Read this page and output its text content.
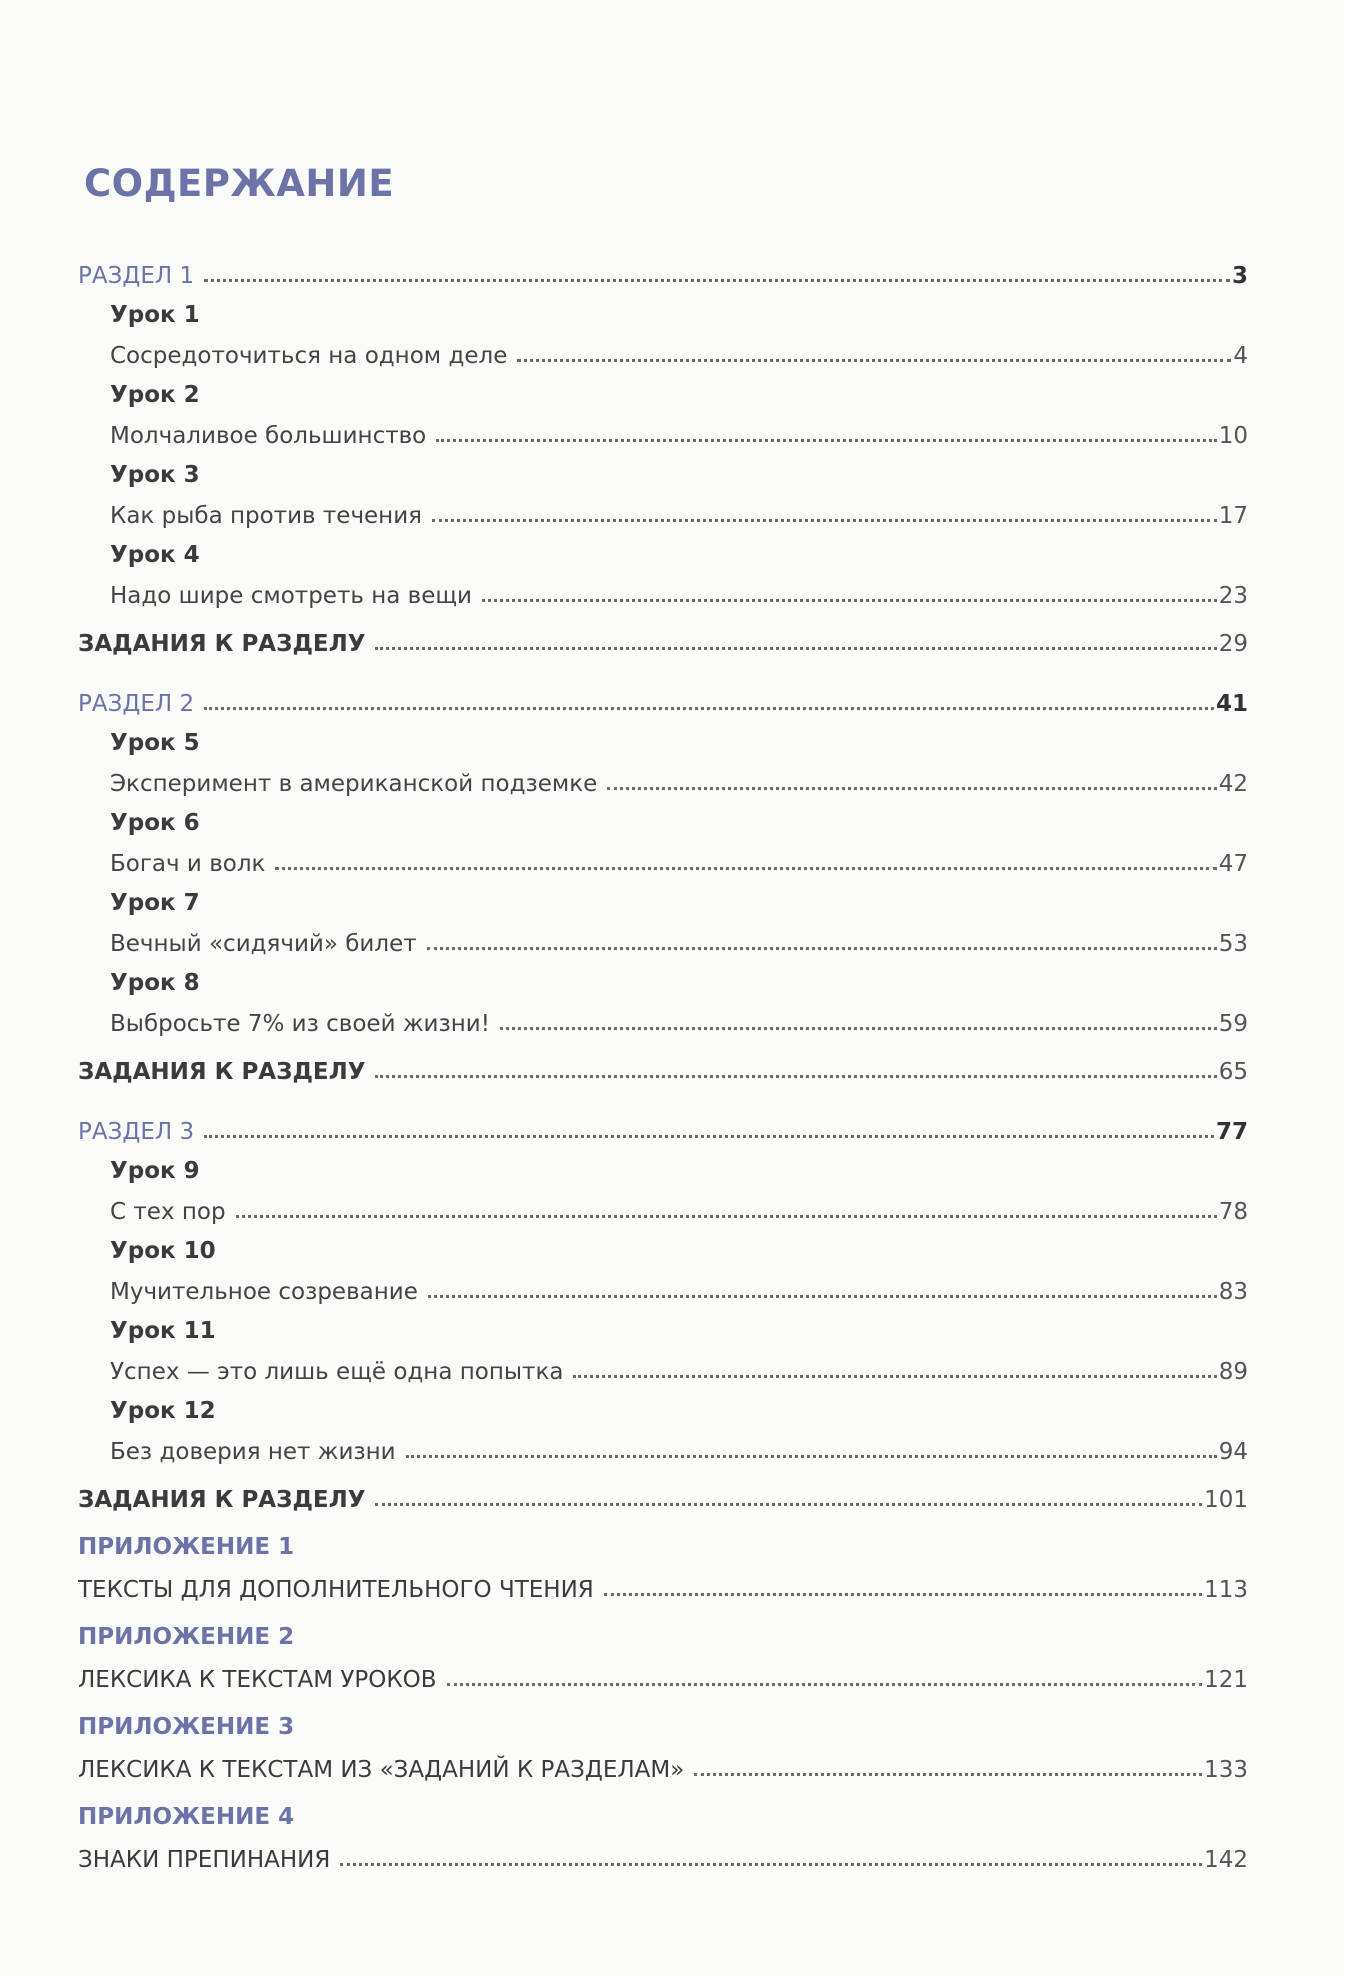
СОДЕРЖАНИЕ
РАЗДЕЛ 1	3
Урок 1
Сосредоточиться на одном деле	4
Урок 2
Молчаливое большинство	10
Урок 3
Как рыба против течения	17
Урок 4
Надо шире смотреть на вещи	23
ЗАДАНИЯ К РАЗДЕЛУ	29
РАЗДЕЛ 2	41
Урок 5
Эксперимент в американской подземке	42
Урок 6
Богач и волк	47
Урок 7
Вечный «сидячий» билет	53
Урок 8
Выбросьте 7% из своей жизни!	59
ЗАДАНИЯ К РАЗДЕЛУ	65
РАЗДЕЛ 3	77
Урок 9
С тех пор	78
Урок 10
Мучительное созревание	83
Урок 11
Успех — это лишь ещё одна попытка	89
Урок 12
Без доверия нет жизни	94
ЗАДАНИЯ К РАЗДЕЛУ	101
ПРИЛОЖЕНИЕ 1
ТЕКСТЫ ДЛЯ ДОПОЛНИТЕЛЬНОГО ЧТЕНИЯ	113
ПРИЛОЖЕНИЕ 2
ЛЕКСИКА К ТЕКСТАМ УРОКОВ	121
ПРИЛОЖЕНИЕ 3
ЛЕКСИКА К ТЕКСТАМ ИЗ «ЗАДАНИЙ К РАЗДЕЛАМ»	133
ПРИЛОЖЕНИЕ 4
ЗНАКИ ПРЕПИНАНИЯ	142
